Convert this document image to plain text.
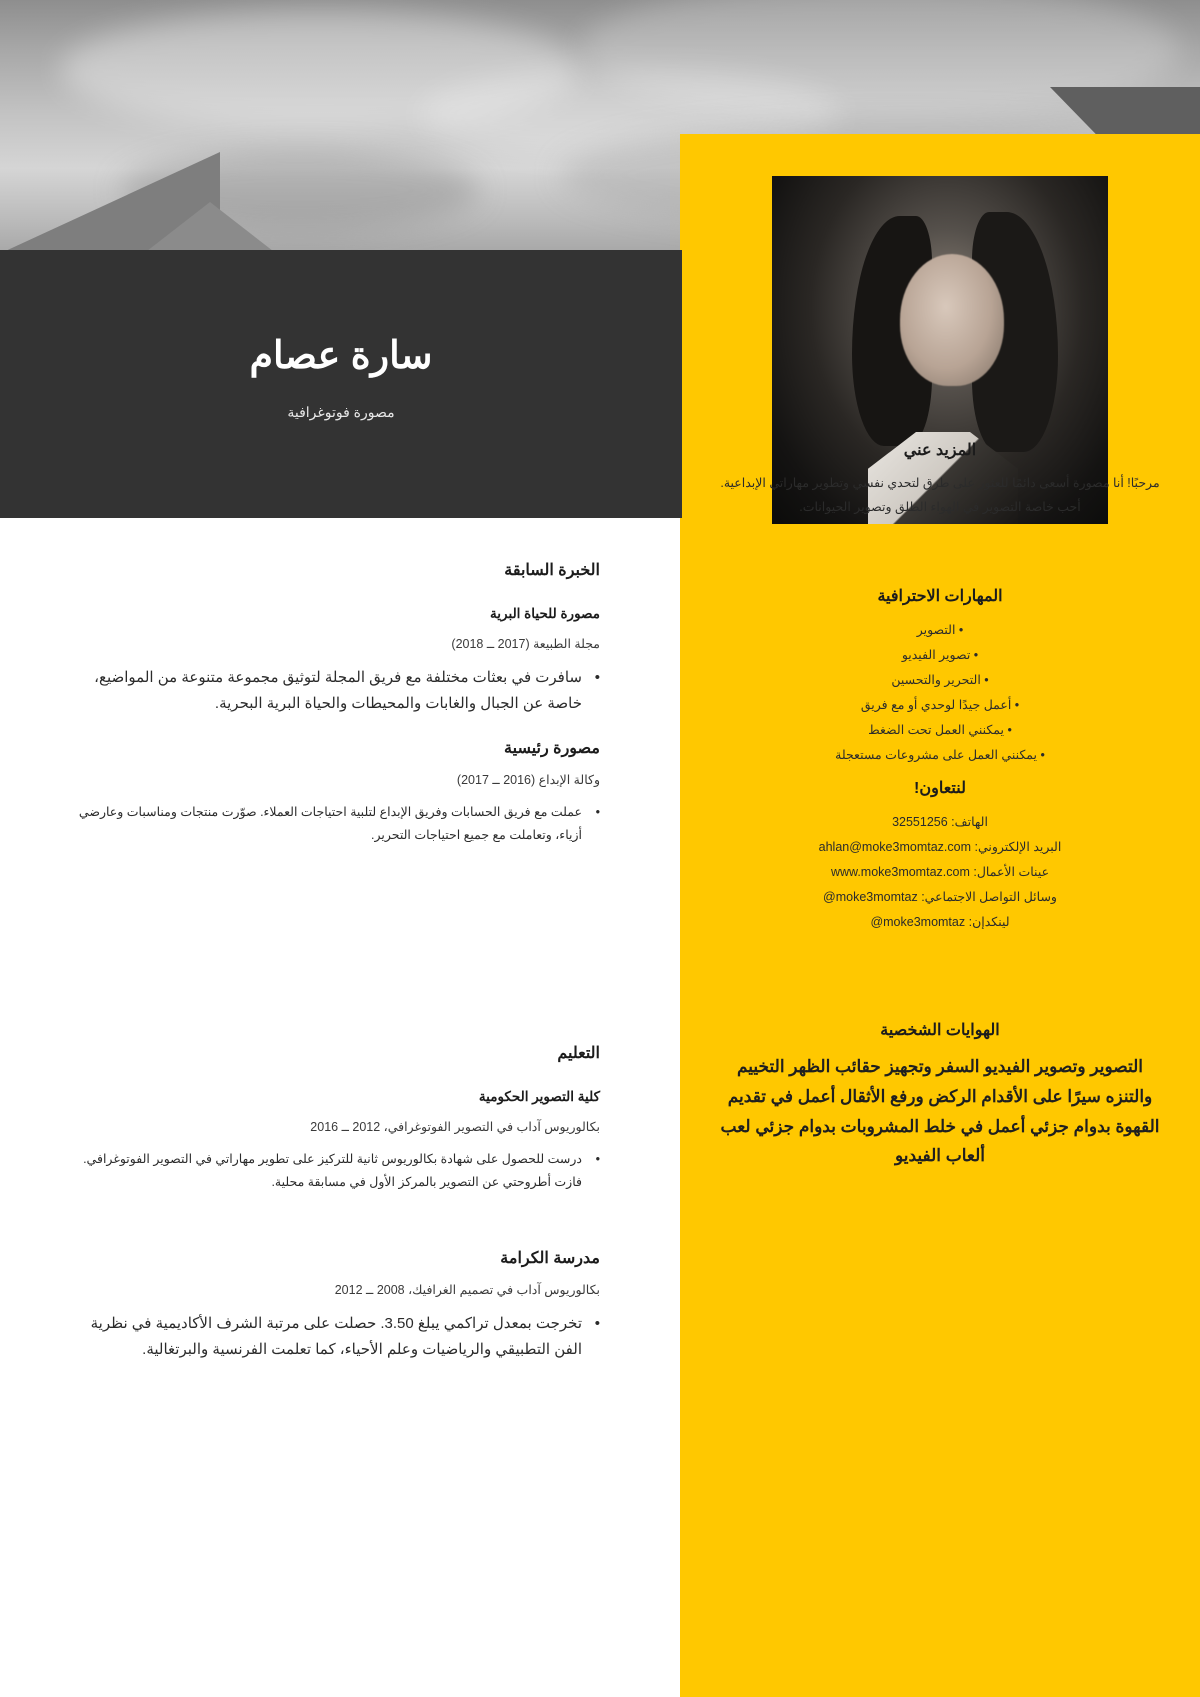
سارة عصام
مصورة فوتوغرافية
المزيد عني
مرحبًا! أنا مصورة أسعى دائمًا للعثور على طرق لتحدي نفسي وتطوير مهاراتي الإبداعية. أحب خاصة التصوير في الهواء الطلق وتصوير الحيوانات.
المهارات الاحترافية
• التصوير
• تصوير الفيديو
• التحرير والتحسين
• أعمل جيدًا لوحدي أو مع فريق
• يمكنني العمل تحت الضغط
• يمكنني العمل على مشروعات مستعجلة
لنتعاون!
الهاتف: 32551256
البريد الإلكتروني: ahlan@moke3momtaz.com
عينات الأعمال: www.moke3momtaz.com
وسائل التواصل الاجتماعي: moke3momtaz@
لينكدإن: moke3momtaz@
الهوايات الشخصية
التصوير وتصوير الفيديو السفر وتجهيز حقائب الظهر التخييم والتنزه سيرًا على الأقدام الركض ورفع الأثقال أعمل في تقديم القهوة بدوام جزئي أعمل في خلط المشروبات بدوام جزئي لعب ألعاب الفيديو
الخبرة السابقة
مصورة للحياة البرية
مجلة الطبيعة (2017 ــ 2018)
• سافرت في بعثات مختلفة مع فريق المجلة لتوثيق مجموعة متنوعة من المواضيع، خاصة عن الجبال والغابات والمحيطات والحياة البرية البحرية.
مصورة رئيسية
وكالة الإبداع (2016 ــ 2017)
• عملت مع فريق الحسابات وفريق الإبداع لتلبية احتياجات العملاء. صوّرت منتجات ومناسبات وعارضي أزياء، وتعاملت مع جميع احتياجات التحرير.
التعليم
كلية التصوير الحكومية
بكالوريوس آداب في التصوير الفوتوغرافي، 2012 ــ 2016
• درست للحصول على شهادة بكالوريوس ثانية للتركيز على تطوير مهاراتي في التصوير الفوتوغرافي. فازت أطروحتي عن التصوير بالمركز الأول في مسابقة محلية.
مدرسة الكرامة
بكالوريوس آداب في تصميم الغرافيك، 2008 ــ 2012
• تخرجت بمعدل تراكمي يبلغ 3.50. حصلت على مرتبة الشرف الأكاديمية في نظرية الفن التطبيقي والرياضيات وعلم الأحياء، كما تعلمت الفرنسية والبرتغالية.
